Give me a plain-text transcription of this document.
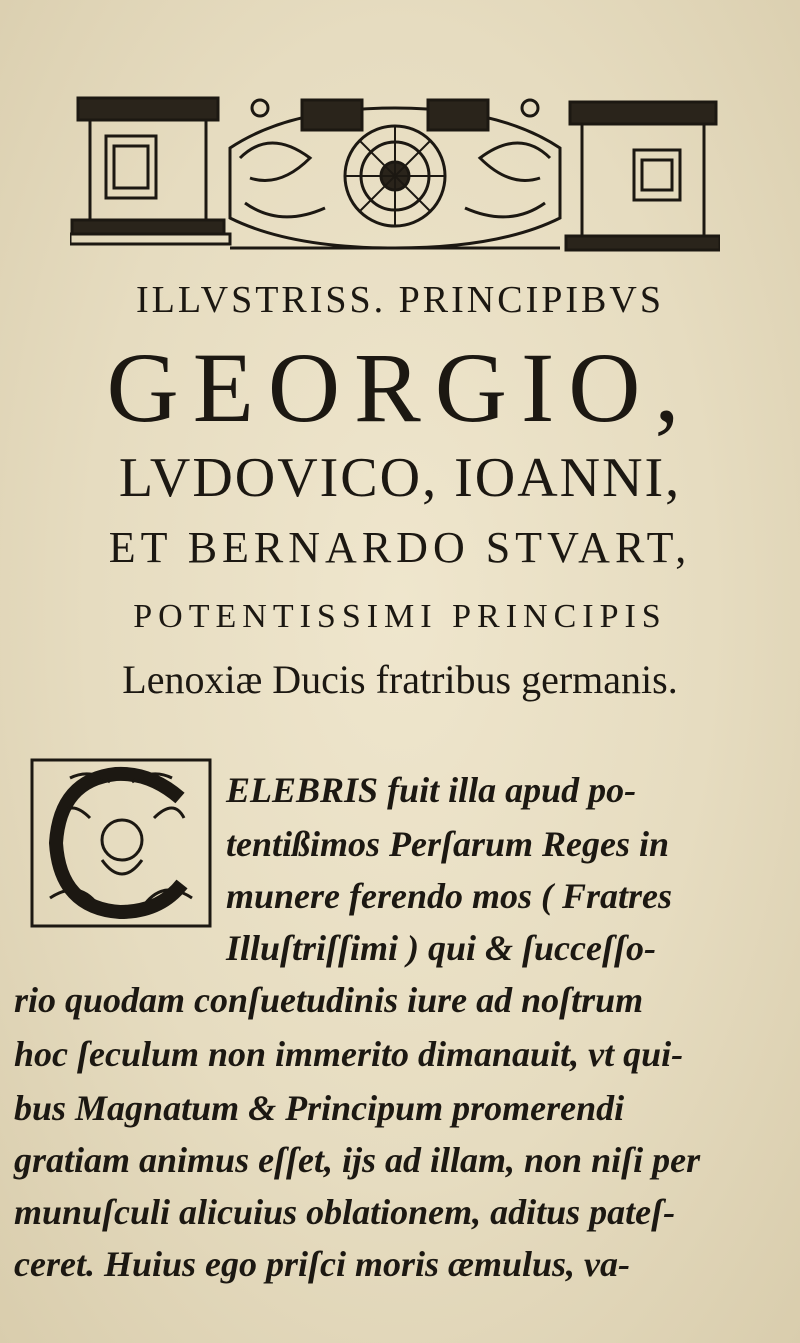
ILLVSTRISS. PRINCIPIBVS
GEORGIO,
LVDOVICO, IOANNI,
ET BERNARDO STVART,
POTENTISSIMI PRINCIPIS
Lenoxiæ Ducis fratribus germanis.
ELEBRIS fuit illa apud po-
tentißimos Perſarum Reges in
munere ferendo mos ( Fratres
Illuſtriſſimi ) qui & ſucceſſo-
rio quodam conſuetudinis iure ad noſtrum
hoc ſeculum non immerito dimanauit, vt qui-
bus Magnatum & Principum promerendi
gratiam animus eſſet, ijs ad illam, non niſi per
munuſculi alicuius oblationem, aditus pateſ-
ceret. Huius ego priſci moris æmulus, va-
